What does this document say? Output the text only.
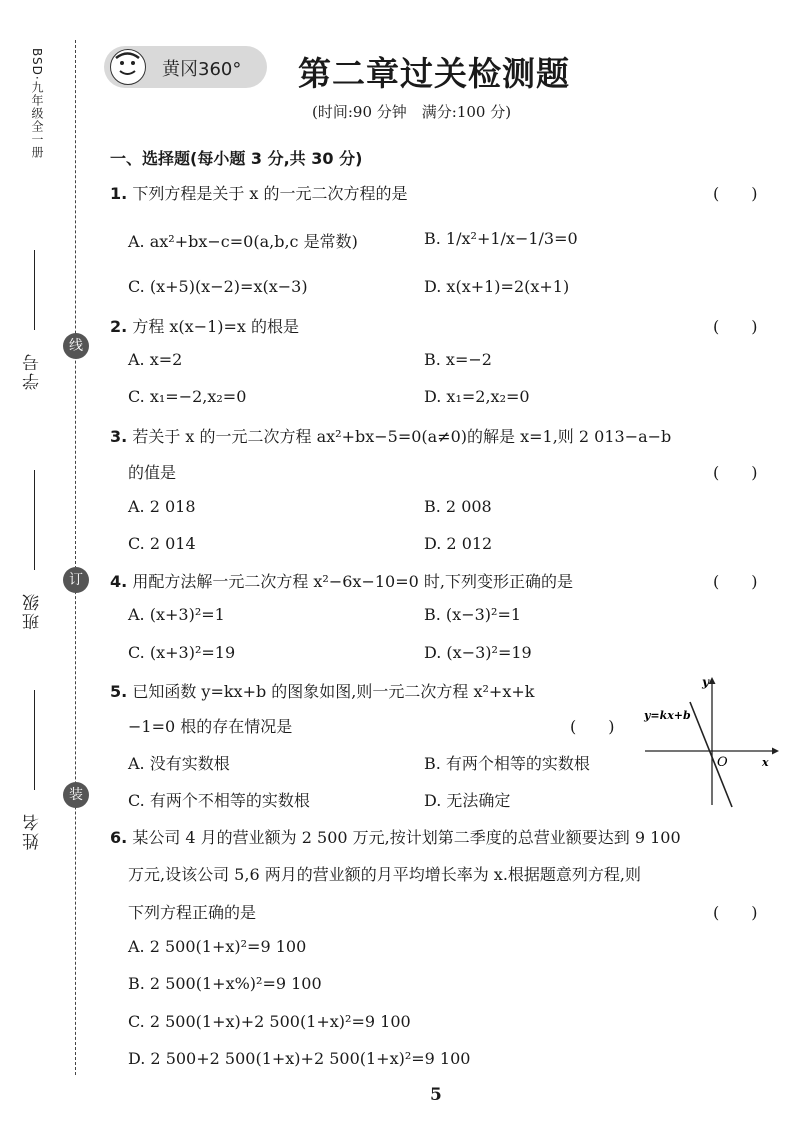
BSD·九年级全一册
学号
班级
姓名
线
订
装
黄冈360° 第二章过关检测题
(时间:90 分钟　满分:100 分)
一、选择题(每小题 3 分,共 30 分)
1. 下列方程是关于 x 的一元二次方程的是	(　　)
A. ax²+bx−c=0(a,b,c 是常数)	B. 1/x²+1/x−1/3=0
C. (x+5)(x−2)=x(x−3)	D. x(x+1)=2(x+1)
2. 方程 x(x−1)=x 的根是	(　　)
A. x=2	B. x=−2
C. x₁=−2,x₂=0	D. x₁=2,x₂=0
3. 若关于 x 的一元二次方程 ax²+bx−5=0(a≠0)的解是 x=1,则 2 013−a−b
的值是	(　　)
A. 2 018	B. 2 008
C. 2 014	D. 2 012
4. 用配方法解一元二次方程 x²−6x−10=0 时,下列变形正确的是	(　　)
A. (x+3)²=1	B. (x−3)²=1
C. (x+3)²=19	D. (x−3)²=19
5. 已知函数 y=kx+b 的图象如图,则一元二次方程 x²+x+k
−1=0 根的存在情况是	(　　)
A. 没有实数根	B. 有两个相等的实数根
C. 有两个不相等的实数根	D. 无法确定
y
x
O
y=kx+b
6. 某公司 4 月的营业额为 2 500 万元,按计划第二季度的总营业额要达到 9 100
万元,设该公司 5,6 两月的营业额的月平均增长率为 x.根据题意列方程,则
下列方程正确的是	(　　)
A. 2 500(1+x)²=9 100
B. 2 500(1+x%)²=9 100
C. 2 500(1+x)+2 500(1+x)²=9 100
D. 2 500+2 500(1+x)+2 500(1+x)²=9 100
5
